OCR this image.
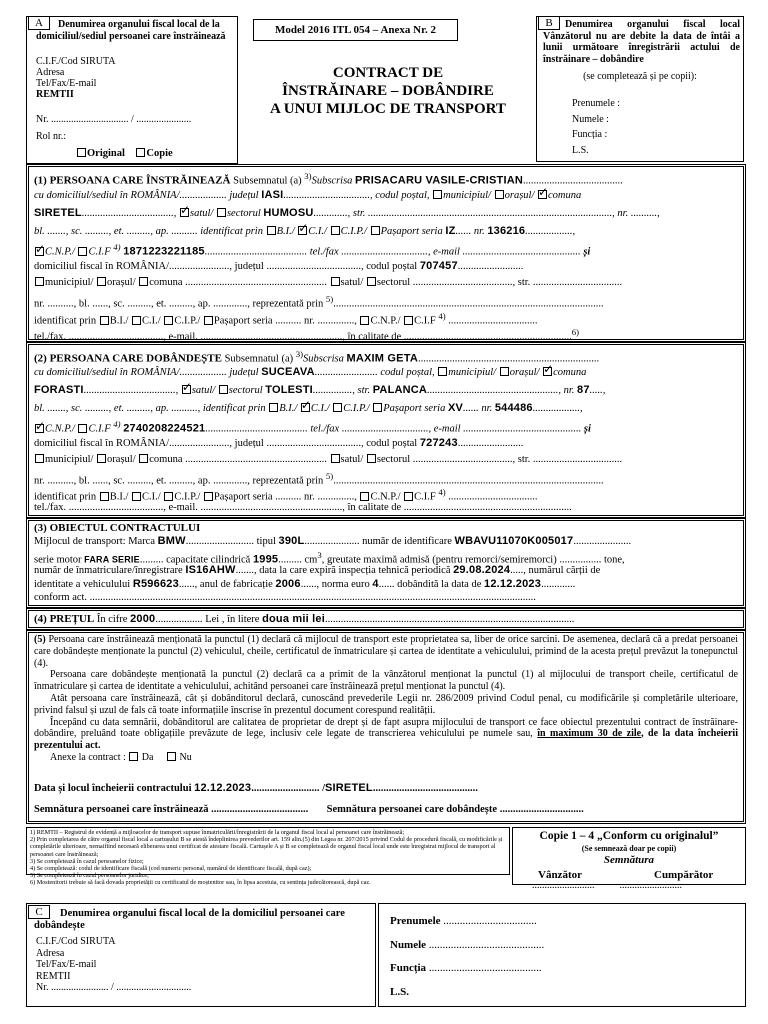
A	Denumirea organului fiscal local de la domiciliul/sediul persoanei care înstrăinează
C.I.F./Cod SIRUTA
Adresa
Tel/Fax/E-mail
REMTII
Nr. ............................... / ......................
Rol nr.:
Original Copie
Model 2016 ITL 054 – Anexa Nr. 2
CONTRACT DE
ÎNSTRĂINARE – DOBÂNDIRE
A UNUI MIJLOC DE TRANSPORT
B	Denumirea organului fiscal local Vânzătorul nu are debite la data de întâi a lunii următoare înregistrării actului de înstrăinare – dobândire
(se completează și pe copii):
Prenumele :
Numele :
Funcția :
L.S.
(1) PERSOANA CARE ÎNSTRĂINEAZĂ Subsemnatul (a) $^{3)}$Subscrisa PRISACARU VASILE-CRISTIAN......................................
cu domiciliul/sediul în ROMÂNIA/.................. județul IASI................................., codul poștal, municipiul/ orașul/ ✓comuna
SIRETEL..................................., ✓satul/ sectorul HUMOSU............., str. ............................................................................................., nr. ..........,
bl. ......., sc. ........., et. ........., ap. .......... identificat prin B.I./ ✓C.I./ C.I.P./ Pașaport seria IZ...... nr. 136216..................,
✓C.N.P./ C.I.F $^{4)}$ 1871223221185....................................... tel./fax ................................., e-mail ............................................. și
domiciliul fiscal în ROMÂNIA/......................., județul ...................................., codul poștal 707457.........................
municipiul/ orașul/ comuna ...................................................... satul/ sectorul ......................................, str. ..................................
nr. .........., bl. ......, sc. ........., et. ........., ap. ............., reprezentată prin $^{5)}$.......................................................................................................
identificat prin B.I./ C.I./ C.I.P./ Pașaport seria .......... nr. .............., C.N.P./ C.I.F $^{4)}$ ..................................
tel./fax. ...................................., e-mail. ......................................................, în calitate de ................................................................$^{6)}$
(2) PERSOANA CARE DOBÂNDEȘTE Subsemnatul (a) $^{3)}$Subscrisa MAXIM GETA.....................................................................
cu domiciliul/sediul în ROMÂNIA/.................. județul SUCEAVA........................ codul poștal, municipiul/ orașul/ ✓comuna
FORASTI..................................., ✓satul/ sectorul TOLESTI..............., str. PALANCA.................................................., nr. 87.....,
bl. ......., sc. ........., et. ........., ap. .........., identificat prin B.I./ ✓C.I./ C.I.P./ Pașaport seria XV...... nr. 544486..................,
✓C.N.P./ C.I.F $^{4)}$ 2740208224521....................................... tel./fax ................................., e-mail ............................................. și
domiciliul fiscal în ROMÂNIA/......................., județul ...................................., codul poștal 727243.........................
municipiul/ orașul/ comuna ...................................................... satul/ sectorul ......................................, str. ..................................
nr. .........., bl. ......, sc. ........., et. ........., ap. ............., reprezentată prin $^{5)}$.......................................................................................................
identificat prin B.I./ C.I./ C.I.P./ Pașaport seria .......... nr. .............., C.N.P./ C.I.F $^{4)}$ ..................................
tel./fax. ...................................., e-mail. ......................................................, în calitate de ................................................................
(3) OBIECTUL CONTRACTULUI
Mijlocul de transport: Marca BMW.......................... tipul 390L..................... număr de identificare WBAVU11070K005017......................
serie motor FARA SERIE......... capacitate cilindrică 1995......... $cm^3$, greutate maximă admisă (pentru remorci/semiremorci) ................ tone,
număr de înmatriculare/înregistrare IS16AHW......., data la care expiră inspecția tehnică periodică 29.08.2024....., numărul cărții de
identitate a vehiculului R596623......, anul de fabricație 2006......, norma euro 4...... dobândită la data de 12.12.2023.............
conform act. ..........................................................................................................................................................................
(4) PREȚUL În cifre 2000.................. Lei , în litere doua mii lei...............................................................................................
(5) Persoana care înstrăinează menționată la punctul (1) declară că mijlocul de transport este proprietatea sa, liber de orice sarcini. De asemenea, declară că a predat persoanei care dobândește menționate la punctul (2) vehiculul, cheile, certificatul de înmatriculare și cartea de identitate a vehiculului, primind de la acesta prețul prevăzut la tonepunctul (4).
Persoana care dobândește menționată la punctul (2) declară ca a primit de la vânzătorul menționat la punctul (1) al mijlocului de transport cheile, certificatul de înmatriculare și cartea de identitate a vehiculului, achitând persoanei care înstrăinează prețul menționat la punctul (4).
Atât persoana care înstrăinează, cât și dobânditorul declară, cunoscând prevederile Legii nr. 286/2009 privind Codul penal, cu modificările și completările ulterioare, privind falsul și uzul de fals că toate informațiile înscrise în prezentul document corespund realității.
Începând cu data semnării, dobânditorul are calitatea de proprietar de drept și de fapt asupra mijlocului de transport ce face obiectul prezentului contract de înstrăinare-dobândire, preluând toate obligațiile prevăzute de lege, inclusiv cele legate de transcrierea vehiculului pe numele sau, în maximum 30 de zile, de la data încheierii prezentului act.
Anexe la contract :  Da      Nu
Data și locul încheierii contractului 12.12.2023.......................... /SIRETEL........................................
Semnătura persoanei care înstrăinează .....................................       Semnătura persoanei care dobândește ................................
1) REMTII – Registrul de evidență a mijloacelor de transport supuse înmatriculării/înregistrării de la organul fiscal local al persoanei care înstrăinează;
2) Prin completarea de către organul fiscal local a cartușului B se atestă îndeplinirea prevederilor art. 159 alin.(5) din Legea nr. 207/2015 privind Codul de procedură fiscală, cu modificările și completările ulterioare, nemaifiind necesară eliberarea unui certificat de atestare fiscală. Cartușele A și B se completează de organul fiscal local unde este înregistrat mijlocul de transport al persoanei care înstrăinează;
3) Se completează în cazul persoanelor fizice;
4) Se completează: codul de identificare fiscală (cod numeric personal, numărul de identificare fiscală, după caz);
5) Se completează în cazul persoanelor juridice;
6) Mostenitorii trebuie să facă dovada proprietății cu certificatul de moștenitor sau, în lipsa acestuia, cu sentința judecătorească, după caz.
Copie 1 – 4 „Conform cu originalul”
(Se semnează doar pe copii)
Semnătura
Vânzător	Cumpărător
.........................          .........................
C	Denumirea organului fiscal local de la domiciliul persoanei care dobândește
C.I.F./Cod SIRUTA
Adresa
Tel/Fax/E-mail
REMTII
Nr. ....................... / ..............................
Prenumele ..................................
Numele ..........................................
Funcția .........................................
L.S.
